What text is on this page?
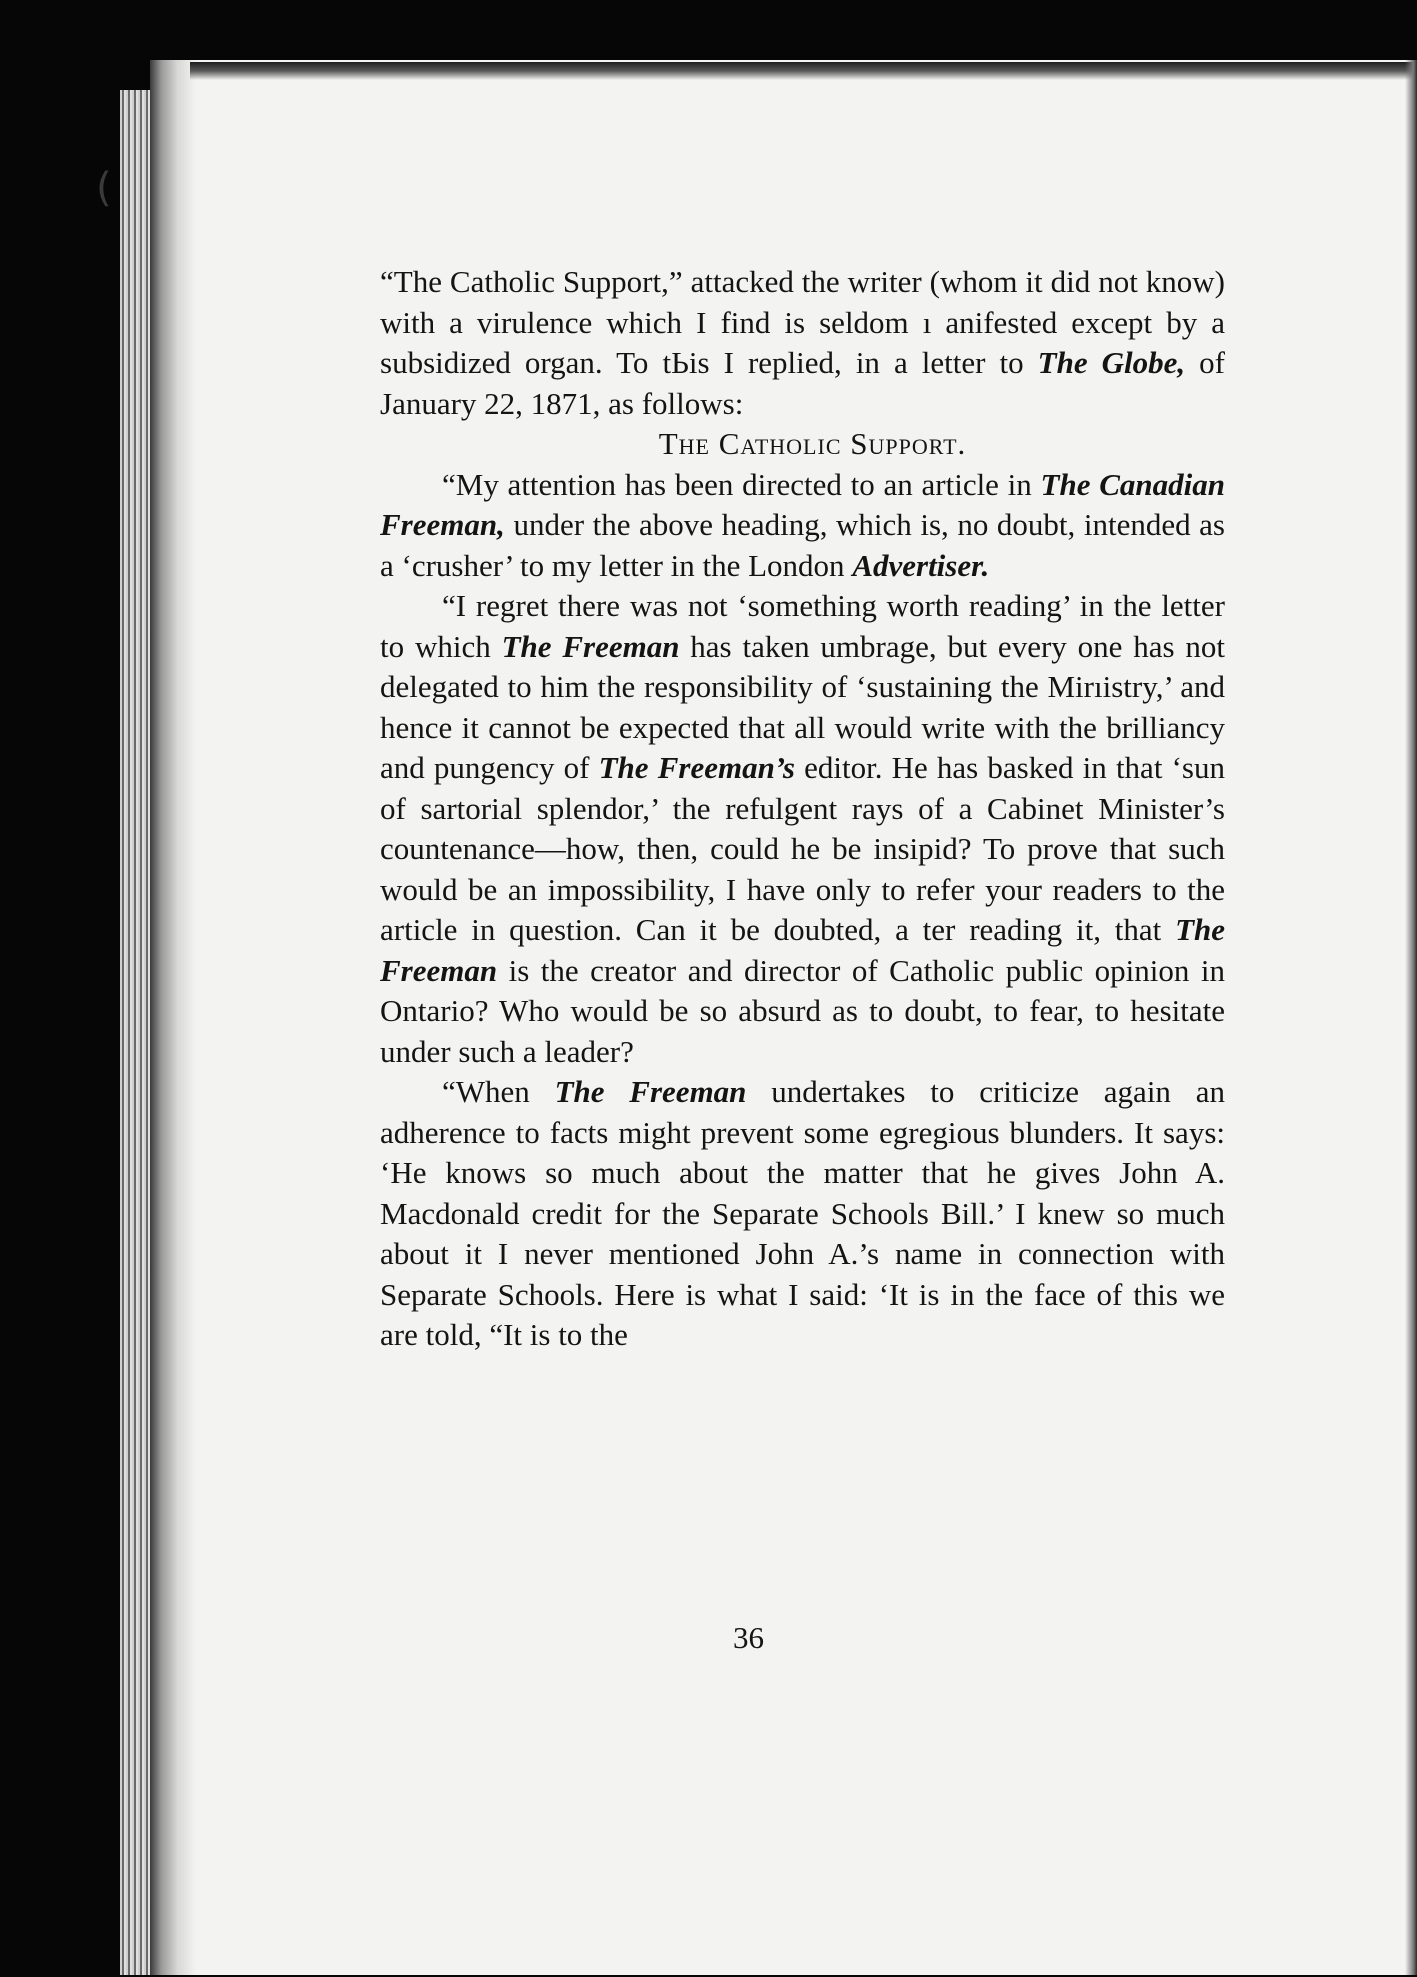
(

“The Catholic Support,” attacked the writer (whom it did not know) with a virulence which I find is seldom ı anifested except by a subsidized organ. To tЬis I replied, in a letter to The Globe, of January 22, 1871, as follows:

The Catholic Support.

“My attention has been directed to an article in The Canadian Freeman, under the above heading, which is, no doubt, intended as a ‘crusher’ to my letter in the London Advertiser.

“I regret there was not ‘something worth reading’ in the letter to which The Freeman has taken umbrage, but every one has not delegated to him the responsibility of ‘sustaining the Mirıistry,’ and hence it cannot be expected that all would write with the brilliancy and pungency of The Freeman’s editor. He has basked in that ‘sun of sartorial splendor,’ the refulgent rays of a Cabinet Minister’s countenance—how, then, could he be insipid? To prove that such would be an impossibility, I have only to refer your readers to the article in question. Can it be doubted, a ter reading it, that The Freeman is the creator and director of Catholic public opinion in Ontario? Who would be so absurd as to doubt, to fear, to hesitate under such a leader?

“When The Freeman undertakes to criticize again an adherence to facts might prevent some egregious blunders. It says: ‘He knows so much about the matter that he gives John A. Macdonald credit for the Separate Schools Bill.’ I knew so much about it I never mentioned John A.’s name in connection with Separate Schools. Here is what I said: ‘It is in the face of this we are told, “It is to the

36
